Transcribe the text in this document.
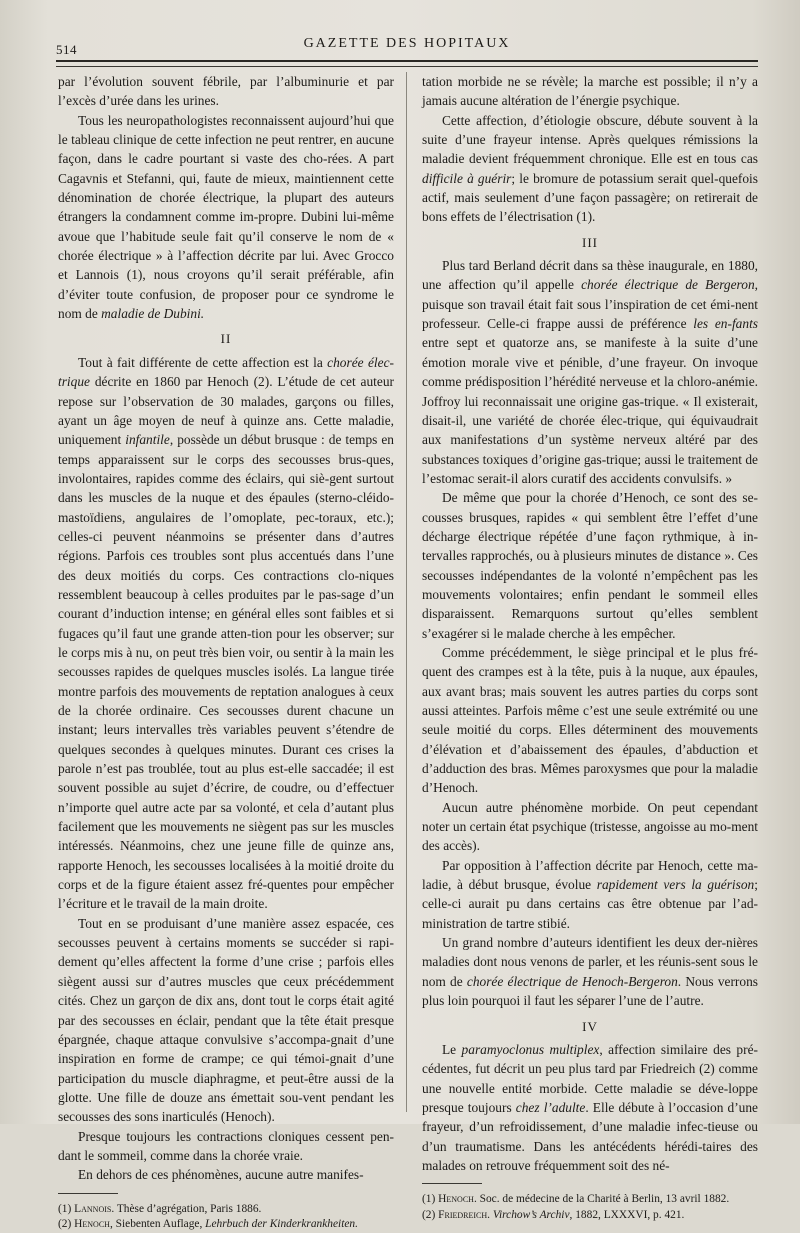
514	GAZETTE DES HOPITAUX

par l’évolution souvent fébrile, par l’albuminurie et par l’excès d’urée dans les urines.

Tous les neuropathologistes reconnaissent aujourd’hui que le tableau clinique de cette infection ne peut rentrer, en aucune façon, dans le cadre pourtant si vaste des cho-rées. A part Cagavnis et Stefanni, qui, faute de mieux, maintiennent cette dénomination de chorée électrique, la plupart des auteurs étrangers la condamnent comme im-propre. Dubini lui-même avoue que l’habitude seule fait qu’il conserve le nom de « chorée électrique » à l’affection décrite par lui. Avec Grocco et Lannois (1), nous croyons qu’il serait préférable, afin d’éviter toute confusion, de proposer pour ce syndrome le nom de maladie de Dubini.

II

Tout à fait différente de cette affection est la chorée élec-trique décrite en 1860 par Henoch (2). L’étude de cet auteur repose sur l’observation de 30 malades, garçons ou filles, ayant un âge moyen de neuf à quinze ans. Cette maladie, uniquement infantile, possède un début brusque : de temps en temps apparaissent sur le corps des secousses brus-ques, involontaires, rapides comme des éclairs, qui siè-gent surtout dans les muscles de la nuque et des épaules (sterno-cléido-mastoïdiens, angulaires de l’omoplate, pec-toraux, etc.); celles-ci peuvent néanmoins se présenter dans d’autres régions. Parfois ces troubles sont plus accentués dans l’une des deux moitiés du corps. Ces contractions clo-niques ressemblent beaucoup à celles produites par le pas-sage d’un courant d’induction intense; en général elles sont faibles et si fugaces qu’il faut une grande atten-tion pour les observer; sur le corps mis à nu, on peut très bien voir, ou sentir à la main les secousses rapides de quelques muscles isolés. La langue tirée montre parfois des mouvements de reptation analogues à ceux de la chorée ordinaire. Ces secousses durent chacune un instant; leurs intervalles très variables peuvent s’étendre de quelques secondes à quelques minutes. Durant ces crises la parole n’est pas troublée, tout au plus est-elle saccadée; il est souvent possible au sujet d’écrire, de coudre, ou d’effectuer n’importe quel autre acte par sa volonté, et cela d’autant plus facilement que les mouvements ne siègent pas sur les muscles intéressés. Néanmoins, chez une jeune fille de quinze ans, rapporte Henoch, les secousses localisées à la moitié droite du corps et de la figure étaient assez fré-quentes pour empêcher l’écriture et le travail de la main droite.

Tout en se produisant d’une manière assez espacée, ces secousses peuvent à certains moments se succéder si rapi-dement qu’elles affectent la forme d’une crise ; parfois elles siègent aussi sur d’autres muscles que ceux précédemment cités. Chez un garçon de dix ans, dont tout le corps était agité par des secousses en éclair, pendant que la tête était presque épargnée, chaque attaque convulsive s’accompa-gnait d’une inspiration en forme de crampe; ce qui témoi-gnait d’une participation du muscle diaphragme, et peut-être aussi de la glotte. Une fille de douze ans émettait sou-vent pendant les secousses des sons inarticulés (Henoch).

Presque toujours les contractions cloniques cessent pen-dant le sommeil, comme dans la chorée vraie.

En dehors de ces phénomènes, aucune autre manifes-

(1) Lannois. Thèse d’agrégation, Paris 1886.
(2) Henoch, Siebenten Auflage, Lehrbuch der Kinderkrankheiten.

tation morbide ne se révèle; la marche est possible; il n’y a jamais aucune altération de l’énergie psychique.

Cette affection, d’étiologie obscure, débute souvent à la suite d’une frayeur intense. Après quelques rémissions la maladie devient fréquemment chronique. Elle est en tous cas difficile à guérir; le bromure de potassium serait quel-quefois actif, mais seulement d’une façon passagère; on retirerait de bons effets de l’électrisation (1).

III

Plus tard Berland décrit dans sa thèse inaugurale, en 1880, une affection qu’il appelle chorée électrique de Bergeron, puisque son travail était fait sous l’inspiration de cet émi-nent professeur. Celle-ci frappe aussi de préférence les en-fants entre sept et quatorze ans, se manifeste à la suite d’une émotion morale vive et pénible, d’une frayeur. On invoque comme prédisposition l’hérédité nerveuse et la chloro-anémie. Joffroy lui reconnaissait une origine gas-trique. « Il existerait, disait-il, une variété de chorée élec-trique, qui équivaudrait aux manifestations d’un système nerveux altéré par des substances toxiques d’origine gas-trique; aussi le traitement de l’estomac serait-il alors curatif des accidents convulsifs. »

De même que pour la chorée d’Henoch, ce sont des se-cousses brusques, rapides « qui semblent être l’effet d’une décharge électrique répétée d’une façon rythmique, à in-tervalles rapprochés, ou à plusieurs minutes de distance ». Ces secousses indépendantes de la volonté n’empêchent pas les mouvements volontaires; enfin pendant le sommeil elles disparaissent. Remarquons surtout qu’elles semblent s’exagérer si le malade cherche à les empêcher.

Comme précédemment, le siège principal et le plus fré-quent des crampes est à la tête, puis à la nuque, aux épaules, aux avant bras; mais souvent les autres parties du corps sont aussi atteintes. Parfois même c’est une seule extrémité ou une seule moitié du corps. Elles déterminent des mouvements d’élévation et d’abaissement des épaules, d’abduction et d’adduction des bras. Mêmes paroxysmes que pour la maladie d’Henoch.

Aucun autre phénomène morbide. On peut cependant noter un certain état psychique (tristesse, angoisse au mo-ment des accès).

Par opposition à l’affection décrite par Henoch, cette ma-ladie, à début brusque, évolue rapidement vers la guérison; celle-ci aurait pu dans certains cas être obtenue par l’ad-ministration de tartre stibié.

Un grand nombre d’auteurs identifient les deux der-nières maladies dont nous venons de parler, et les réunis-sent sous le nom de chorée électrique de Henoch-Bergeron. Nous verrons plus loin pourquoi il faut les séparer l’une de l’autre.

IV

Le paramyoclonus multiplex, affection similaire des pré-cédentes, fut décrit un peu plus tard par Friedreich (2) comme une nouvelle entité morbide. Cette maladie se déve-loppe presque toujours chez l’adulte. Elle débute à l’occasion d’une frayeur, d’un refroidissement, d’une maladie infec-tieuse ou d’un traumatisme. Dans les antécédents hérédi-taires des malades on retrouve fréquemment soit des né-

(1) Henoch. Soc. de médecine de la Charité à Berlin, 13 avril 1882.
(2) Friedreich. Virchow’s Archiv, 1882, LXXXVI, p. 421.
